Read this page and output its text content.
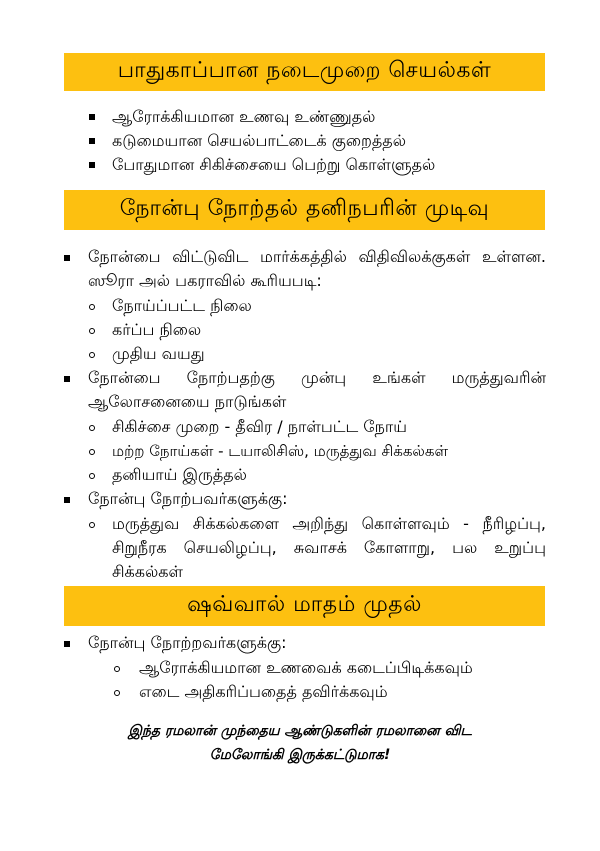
பாதுகாப்பான நடைமுறை செயல்கள்
ஆரோக்கியமான உணவு உண்ணுதல்
கடுமையான செயல்பாட்டைக் குறைத்தல்
போதுமான சிகிச்சையை பெற்று கொள்ளுதல்
நோன்பு நோற்தல் தனிநபரின் முடிவு
நோன்பை விட்டுவிட மார்க்கத்தில் விதிவிலக்குகள் உள்ளன. ஸூரா அல் பகராவில் கூரியபடி:
நோய்ப்பட்ட நிலை
கர்ப்ப நிலை
முதிய வயது
நோன்பை நோற்பதற்கு முன்பு உங்கள் மருத்துவரின் ஆலோசனையை நாடுங்கள்
சிகிச்சை முறை - தீவிர / நாள்பட்ட நோய்
மற்ற நோய்கள் - டயாலிசிஸ், மருத்துவ சிக்கல்கள்
தனியாய் இருத்தல்
நோன்பு நோற்பவர்களுக்கு:
மருத்துவ சிக்கல்களை அறிந்து கொள்ளவும் - நீரிழப்பு, சிறுநீரக செயலிழப்பு, சுவாசக் கோளாறு, பல உறுப்பு சிக்கல்கள்
ஷவ்வால் மாதம் முதல்
நோன்பு நோற்றவர்களுக்கு:
ஆரோக்கியமான உணவைக் கடைப்பிடிக்கவும்
எடை அதிகரிப்பதைத் தவிர்க்கவும்
இந்த ரமலான் முந்தைய ஆண்டுகளின் ரமலானை விட
மேலோங்கி இருக்கட்டுமாக!
